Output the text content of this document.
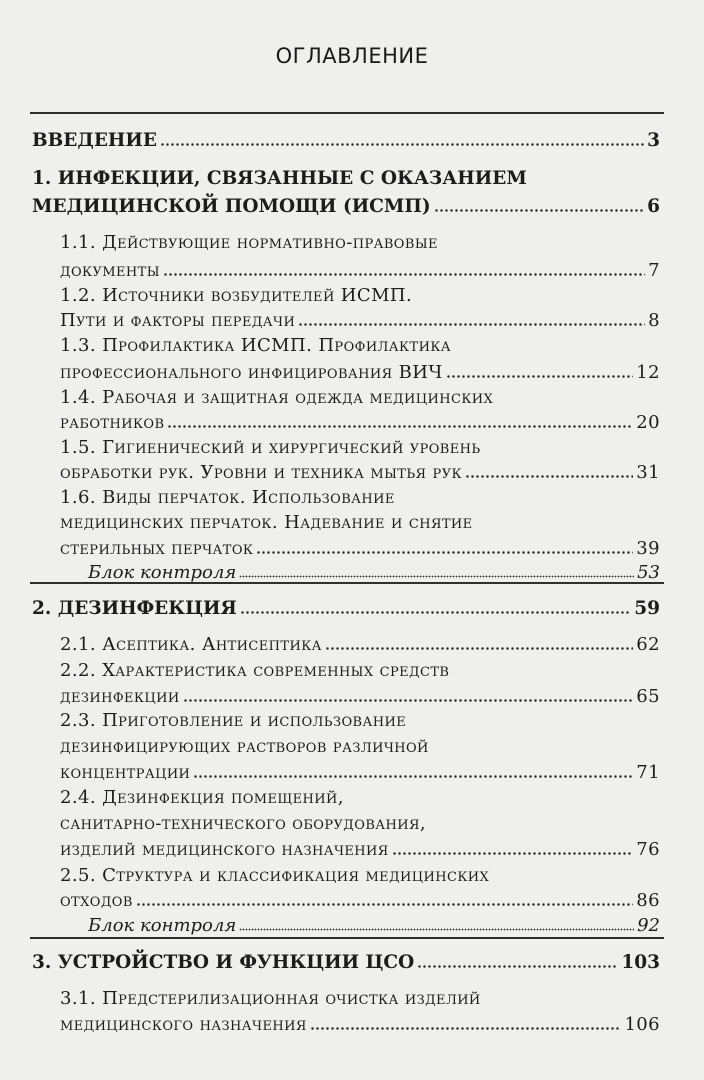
ОГЛАВЛЕНИЕ
ВВЕДЕНИЕ	3
1. ИНФЕКЦИИ, СВЯЗАННЫЕ С ОКАЗАНИЕМ
МЕДИЦИНСКОЙ ПОМОЩИ (ИСМП)	6
1.1. Действующие нормативно-правовые
документы	7
1.2. Источники возбудителей ИСМП.
Пути и факторы передачи	8
1.3. Профилактика ИСМП. Профилактика
профессионального инфицирования ВИЧ	12
1.4. Рабочая и защитная одежда медицинских
работников	20
1.5. Гигиенический и хирургический уровень
обработки рук. Уровни и техника мытья рук	31
1.6. Виды перчаток. Использование
медицинских перчаток. Надевание и снятие
стерильных перчаток	39
Блок контроля	53
2. ДЕЗИНФЕКЦИЯ	59
2.1. Асептика. Антисептика	62
2.2. Характеристика современных средств
дезинфекции	65
2.3. Приготовление и использование
дезинфицирующих растворов различной
концентрации	71
2.4. Дезинфекция помещений,
санитарно-технического оборудования,
изделий медицинского назначения	76
2.5. Структура и классификация медицинских
отходов	86
Блок контроля	92
3. УСТРОЙСТВО И ФУНКЦИИ ЦСО	103
3.1. Предстерилизационная очистка изделий
медицинского назначения	106
